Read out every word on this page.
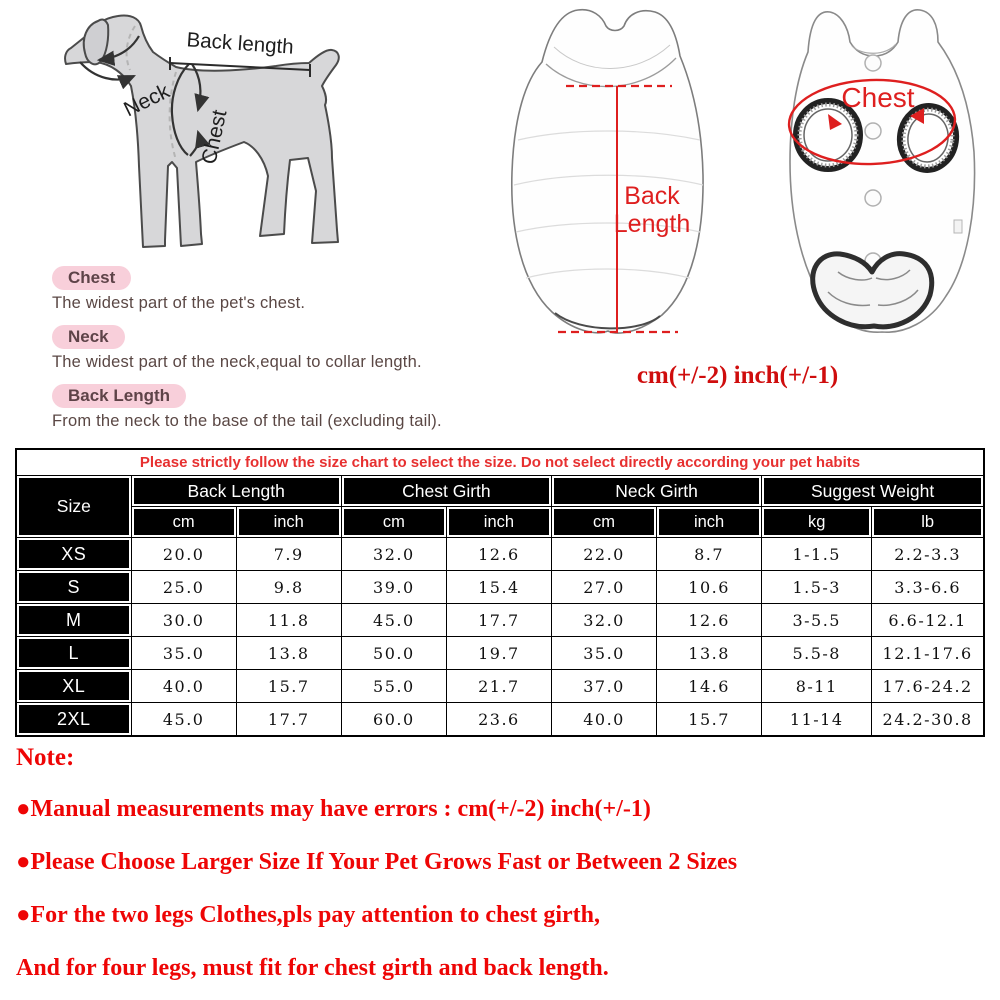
Back length
Neck
Chest
Chest
The widest part of the pet's chest.
Neck
The widest part of the neck,equal to collar length.
Back Length
From the neck to the base of the tail (excluding tail).
Back
Length
Chest
cm(+/-2) inch(+/-1)
Please strictly follow the size chart to select the size. Do not select directly according your pet habits								
Size	Back Length		Chest Girth		Neck Girth		Suggest Weight	
	cm	inch	cm	inch	cm	inch	kg	lb
XS	20.0	7.9	32.0	12.6	22.0	8.7	1-1.5	2.2-3.3
S	25.0	9.8	39.0	15.4	27.0	10.6	1.5-3	3.3-6.6
M	30.0	11.8	45.0	17.7	32.0	12.6	3-5.5	6.6-12.1
L	35.0	13.8	50.0	19.7	35.0	13.8	5.5-8	12.1-17.6
XL	40.0	15.7	55.0	21.7	37.0	14.6	8-11	17.6-24.2
2XL	45.0	17.7	60.0	23.6	40.0	15.7	11-14	24.2-30.8
Note:
●Manual measurements may have errors : cm(+/-2) inch(+/-1)
●Please Choose Larger Size If Your Pet Grows Fast or Between 2 Sizes
●For the two legs Clothes,pls pay attention to chest girth,
And for four legs, must fit for chest girth and back length.
